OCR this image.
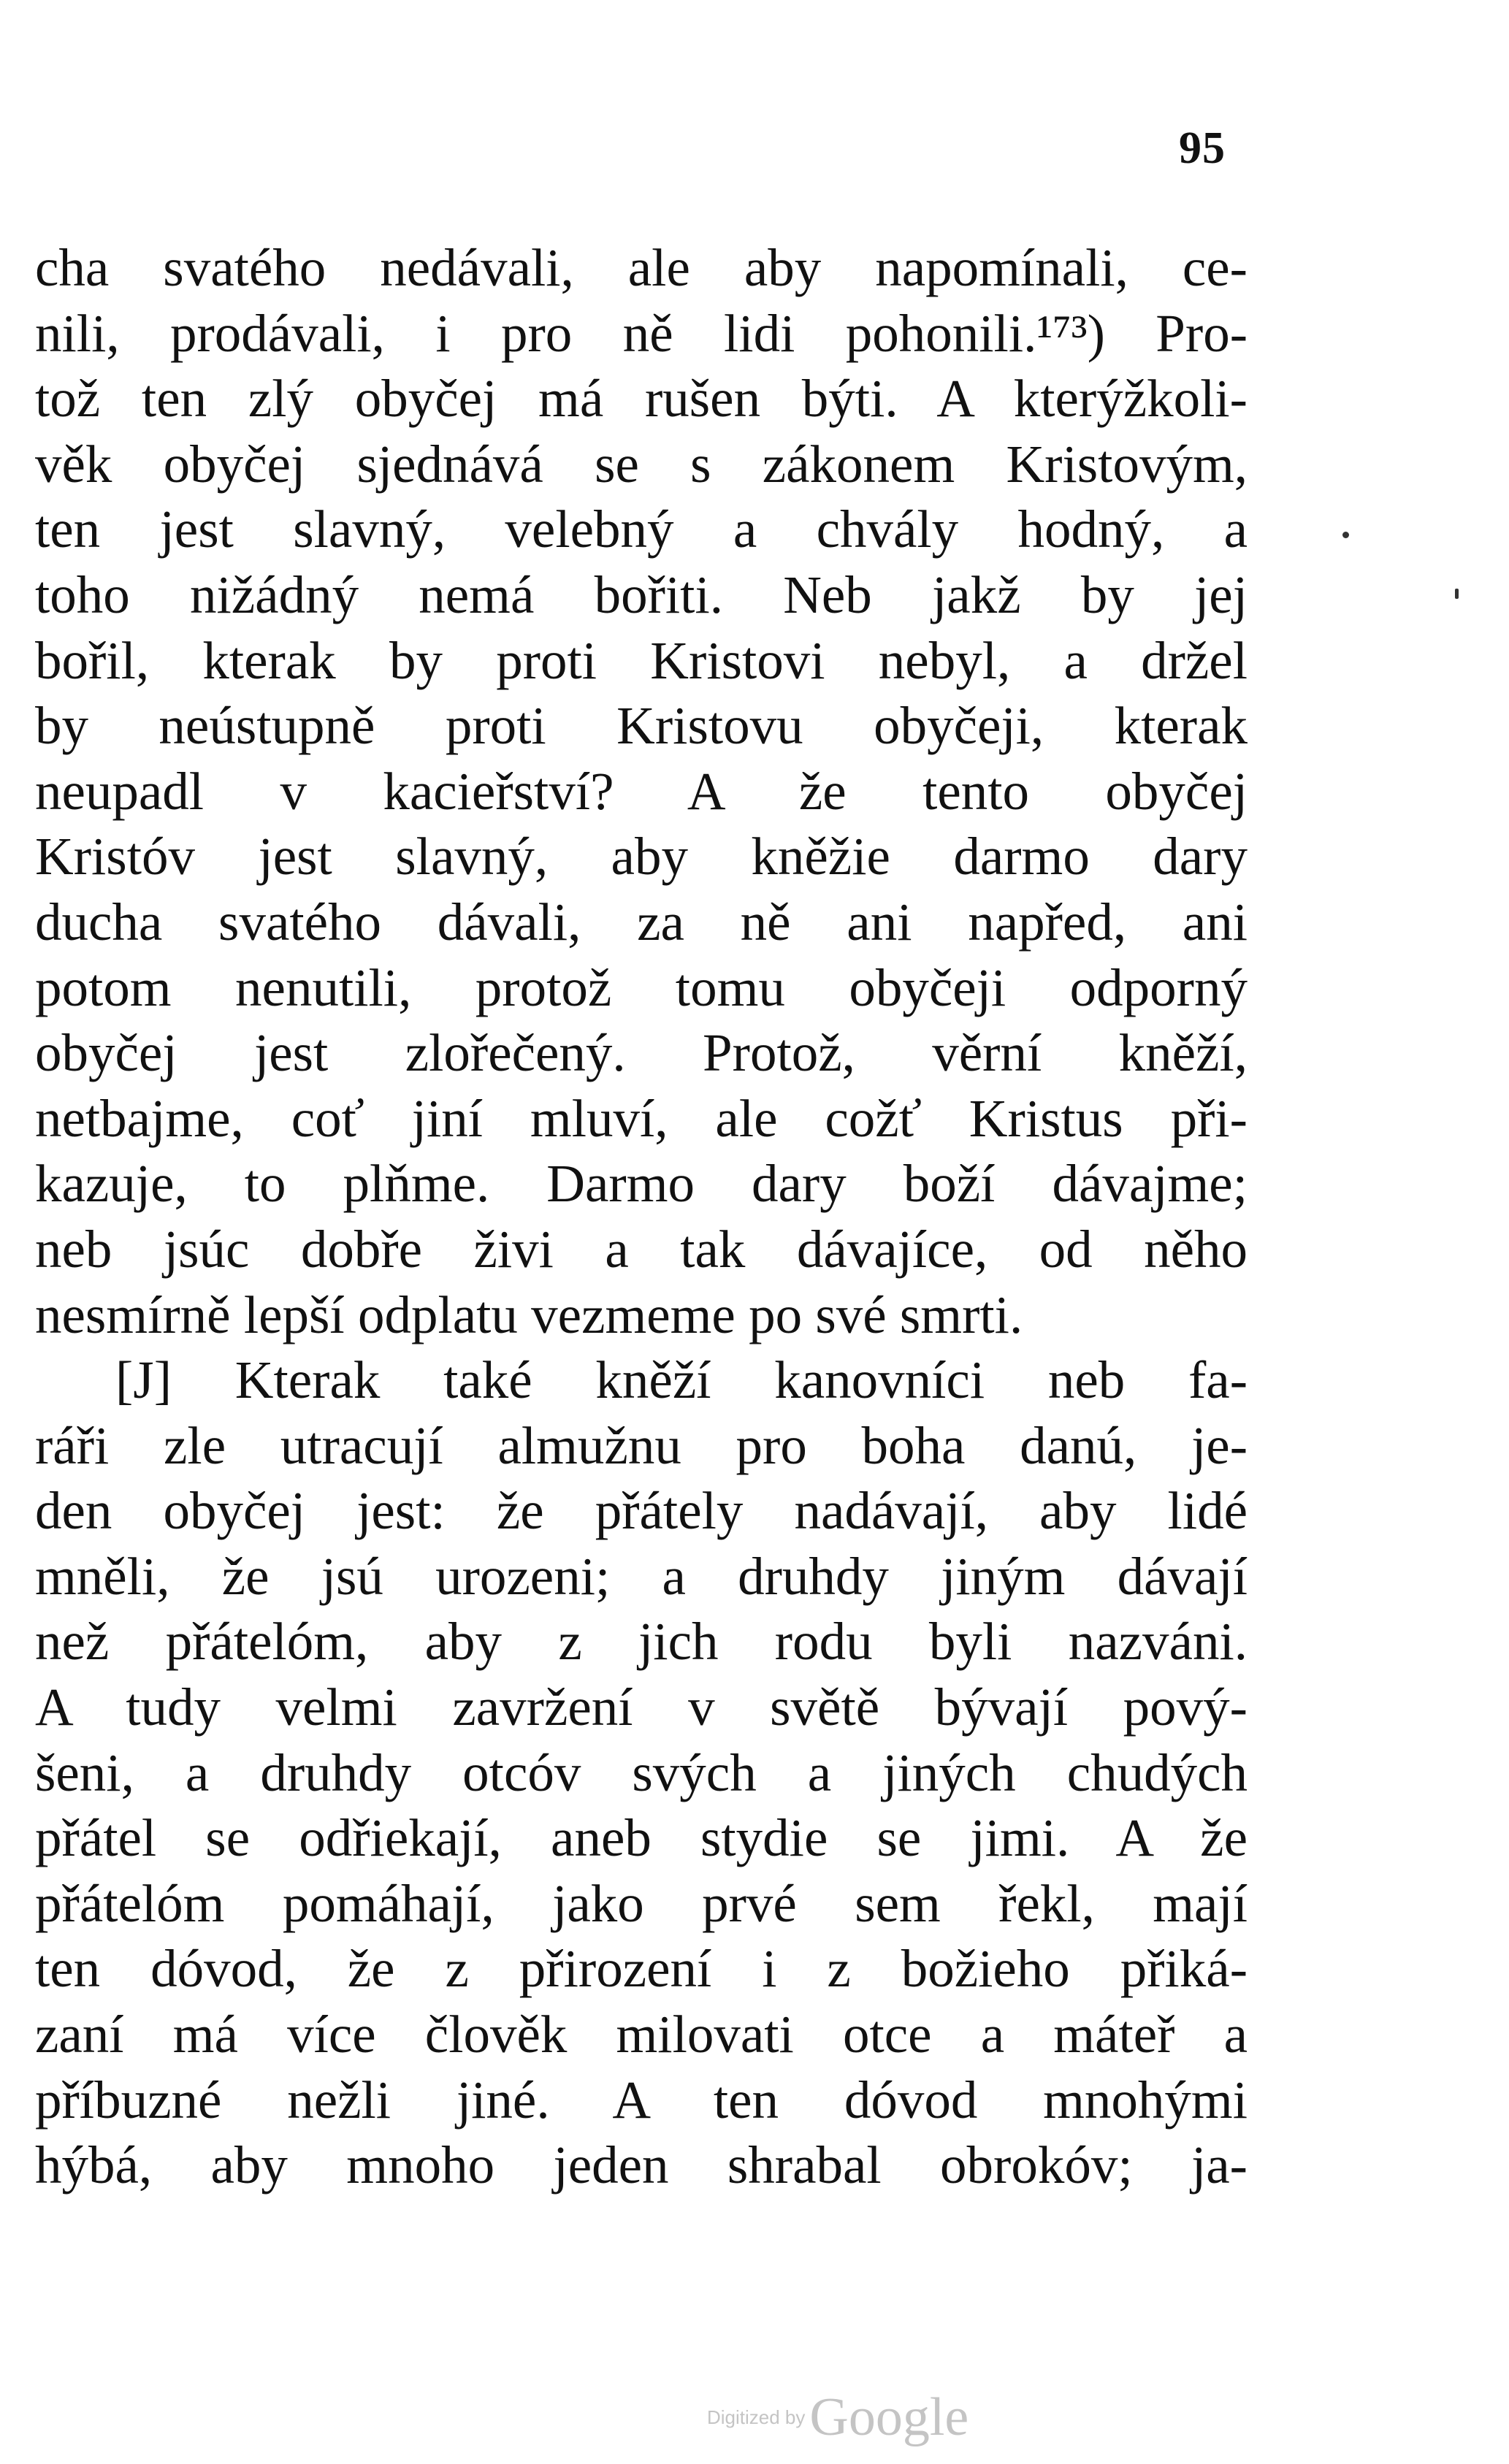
95
cha svatého nedávali, ale aby napomínali, ce-
nili, prodávali, i pro ně lidi pohonili.¹⁷³) Pro-
tož ten zlý obyčej má rušen býti. A kterýžkoli-
věk obyčej sjednává se s zákonem Kristovým,
ten jest slavný, velebný a chvály hodný, a
toho nižádný nemá bořiti. Neb jakž by jej
bořil, kterak by proti Kristovi nebyl, a držel
by neústupně proti Kristovu obyčeji, kterak
neupadl v kacieřství? A že tento obyčej
Kristóv jest slavný, aby kněžie darmo dary
ducha svatého dávali, za ně ani napřed, ani
potom nenutili, protož tomu obyčeji odporný
obyčej jest zlořečený. Protož, věrní kněží,
netbajme, coť jiní mluví, ale cožť Kristus při-
kazuje, to plňme. Darmo dary boží dávajme;
neb jsúc dobře živi a tak dávajíce, od něho
nesmírně lepší odplatu vezmeme po své smrti.
[J] Kterak také kněží kanovníci neb fa-
ráři zle utracují almužnu pro boha danú, je-
den obyčej jest: že přátely nadávají, aby lidé
mněli, že jsú urozeni; a druhdy jiným dávají
než přátelóm, aby z jich rodu byli nazváni.
A tudy velmi zavržení v světě bývají pový-
šeni, a druhdy otcóv svých a jiných chudých
přátel se odřiekají, aneb stydie se jimi. A že
přátelóm pomáhají, jako prvé sem řekl, mají
ten dóvod, že z přirození i z božieho přiká-
zaní má více člověk milovati otce a máteř a
příbuzné nežli jiné. A ten dóvod mnohými
hýbá, aby mnoho jeden shrabal obrokóv; ja-
Digitized byGoogle
